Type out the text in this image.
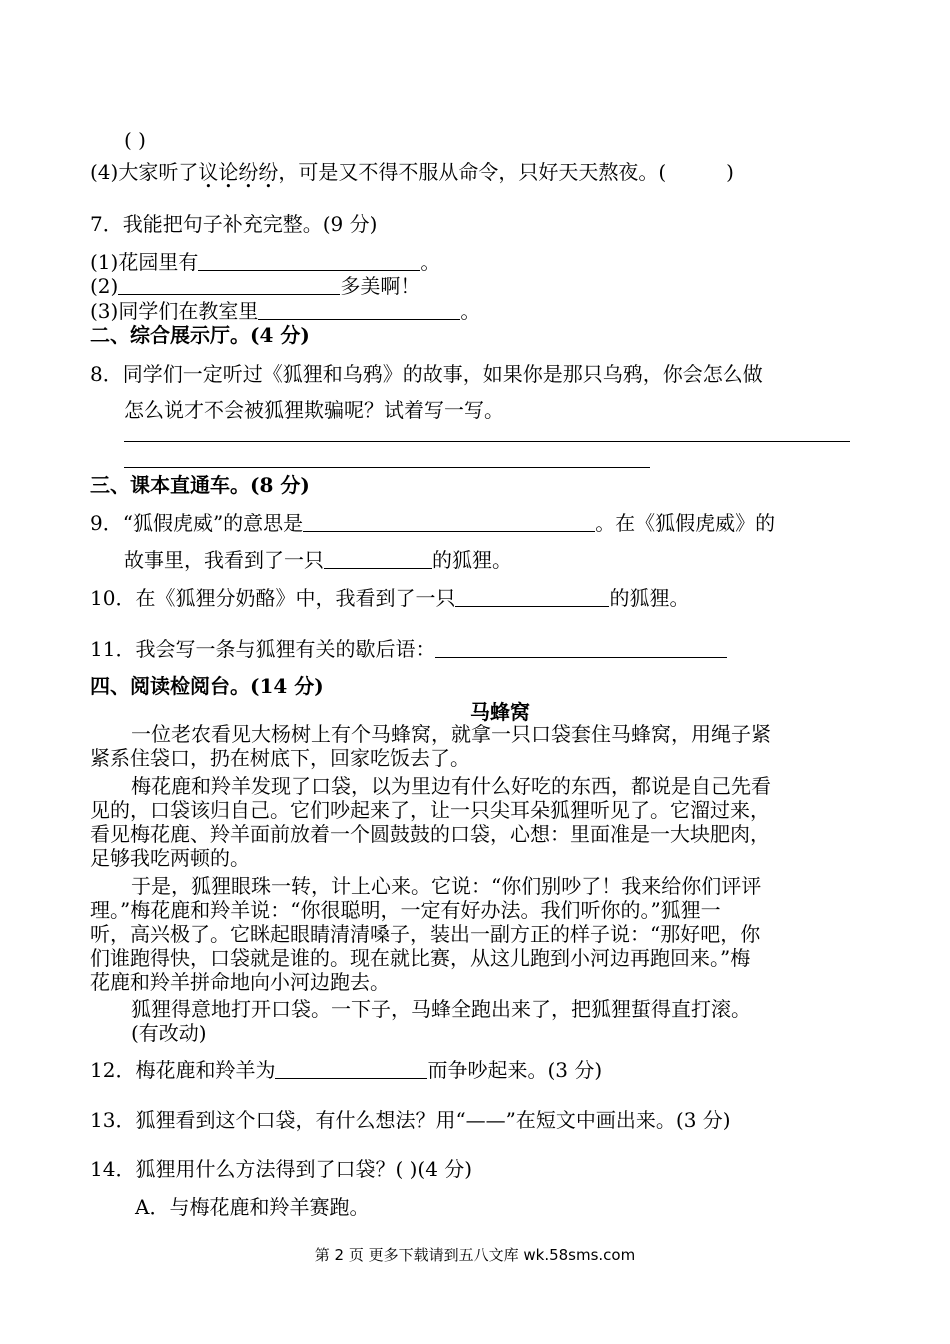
( )
(4)大家听了议论纷纷，可是又不得不服从命令，只好天天熬夜。(	)
7．我能把句子补充完整。(9 分)
(1)花园里有	。
(2)	多美啊！
(3)同学们在教室里	。
二、综合展示厅。(4 分)
8．同学们一定听过《狐狸和乌鸦》的故事，如果你是那只乌鸦，你会怎么做
怎么说才不会被狐狸欺骗呢？试着写一写。
三、课本直通车。(8 分)
9．“狐假虎威”的意思是	。在《狐假虎威》的
故事里，我看到了一只	的狐狸。
10．在《狐狸分奶酪》中，我看到了一只	的狐狸。
11．我会写一条与狐狸有关的歇后语：
四、阅读检阅台。(14 分)
马蜂窝
一位老农看见大杨树上有个马蜂窝，就拿一只口袋套住马蜂窝，用绳子紧
紧系住袋口，扔在树底下，回家吃饭去了。
梅花鹿和羚羊发现了口袋，以为里边有什么好吃的东西，都说是自己先看
见的，口袋该归自己。它们吵起来了，让一只尖耳朵狐狸听见了。它溜过来，
看见梅花鹿、羚羊面前放着一个圆鼓鼓的口袋，心想：里面准是一大块肥肉，
足够我吃两顿的。
于是，狐狸眼珠一转，计上心来。它说：“你们别吵了！我来给你们评评
理。”梅花鹿和羚羊说：“你很聪明，一定有好办法。我们听你的。”狐狸一
听，高兴极了。它眯起眼睛清清嗓子，装出一副方正的样子说：“那好吧，你
们谁跑得快，口袋就是谁的。现在就比赛，从这儿跑到小河边再跑回来。”梅
花鹿和羚羊拼命地向小河边跑去。
狐狸得意地打开口袋。一下子，马蜂全跑出来了，把狐狸蜇得直打滚。
(有改动)
12．梅花鹿和羚羊为	而争吵起来。(3 分)
13．狐狸看到这个口袋，有什么想法？用“——”在短文中画出来。(3 分)
14．狐狸用什么方法得到了口袋？( )(4 分)
A．与梅花鹿和羚羊赛跑。
第 2 页 更多下载请到五八文库 wk.58sms.com
